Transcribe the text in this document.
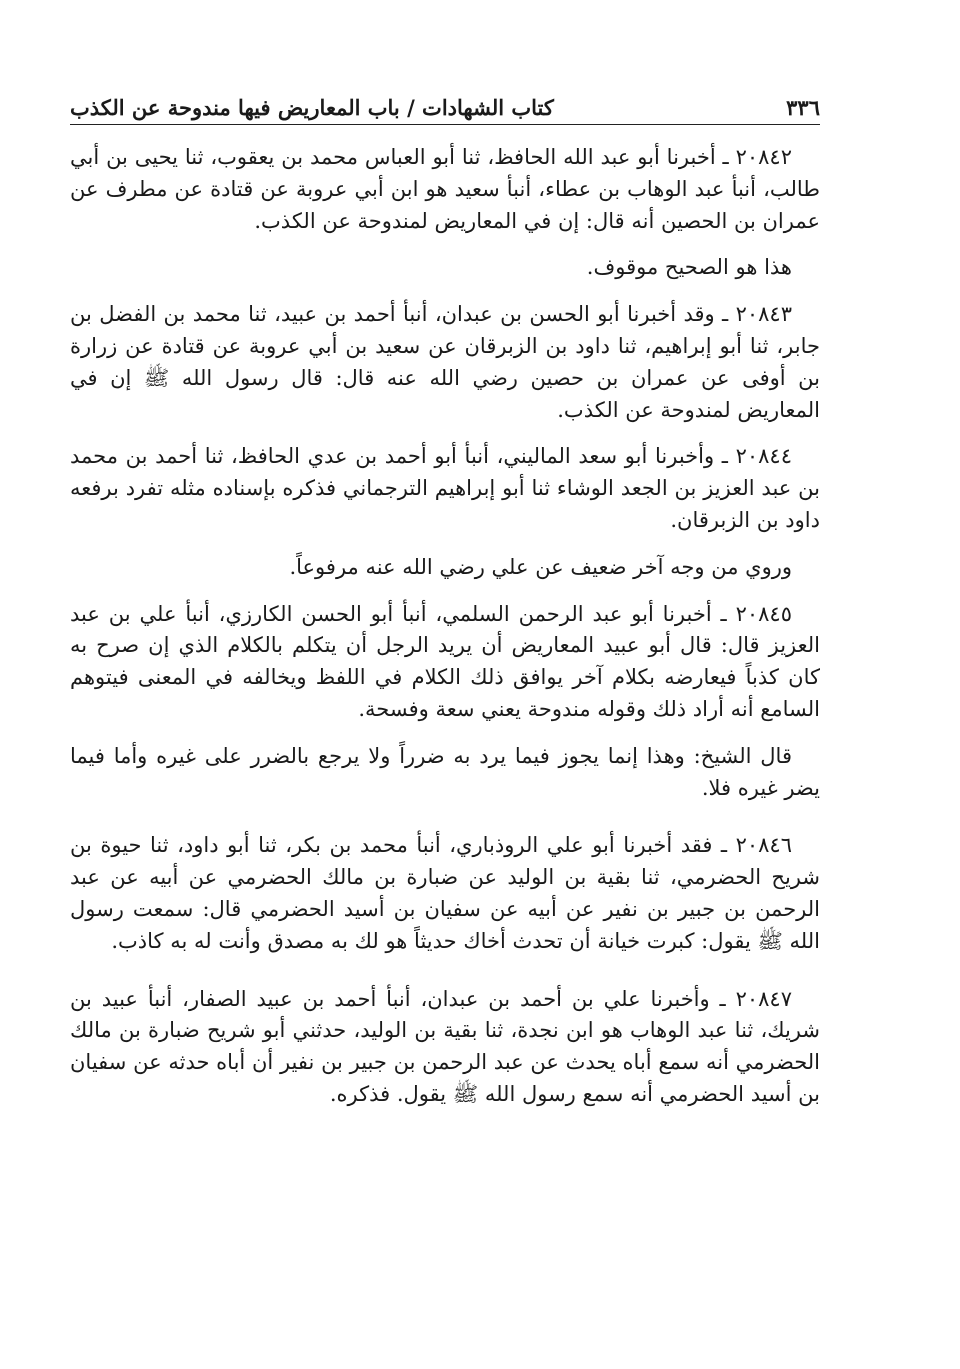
٣٣٦
كتاب الشهادات / باب المعاريض فيها مندوحة عن الكذب

٢٠٨٤٢ ـ أخبرنا أبو عبد الله الحافظ، ثنا أبو العباس محمد بن يعقوب، ثنا يحيى بن أبي طالب، أنبأ عبد الوهاب بن عطاء، أنبأ سعيد هو ابن أبي عروبة عن قتادة عن مطرف عن عمران بن الحصين أنه قال: إن في المعاريض لمندوحة عن الكذب.

هذا هو الصحيح موقوف.

٢٠٨٤٣ ـ وقد أخبرنا أبو الحسن بن عبدان، أنبأ أحمد بن عبيد، ثنا محمد بن الفضل بن جابر، ثنا أبو إبراهيم، ثنا داود بن الزبرقان عن سعيد بن أبي عروبة عن قتادة عن زرارة بن أوفى عن عمران بن حصين رضي الله عنه قال: قال رسول الله ﷺ إن في المعاريض لمندوحة عن الكذب.

٢٠٨٤٤ ـ وأخبرنا أبو سعد الماليني، أنبأ أبو أحمد بن عدي الحافظ، ثنا أحمد بن محمد بن عبد العزيز بن الجعد الوشاء ثنا أبو إبراهيم الترجماني فذكره بإسناده مثله تفرد برفعه داود بن الزبرقان.

وروي من وجه آخر ضعيف عن علي رضي الله عنه مرفوعاً.

٢٠٨٤٥ ـ أخبرنا أبو عبد الرحمن السلمي، أنبأ أبو الحسن الكارزي، أنبأ علي بن عبد العزيز قال: قال أبو عبيد المعاريض أن يريد الرجل أن يتكلم بالكلام الذي إن صرح به كان كذباً فيعارضه بكلام آخر يوافق ذلك الكلام في اللفظ ويخالفه في المعنى فيتوهم السامع أنه أراد ذلك وقوله مندوحة يعني سعة وفسحة.

قال الشيخ: وهذا إنما يجوز فيما يرد به ضرراً ولا يرجع بالضرر على غيره وأما فيما يضر غيره فلا.

٢٠٨٤٦ ـ فقد أخبرنا أبو علي الروذباري، أنبأ محمد بن بكر، ثنا أبو داود، ثنا حيوة بن شريح الحضرمي، ثنا بقية بن الوليد عن ضبارة بن مالك الحضرمي عن أبيه عن عبد الرحمن بن جبير بن نفير عن أبيه عن سفيان بن أسيد الحضرمي قال: سمعت رسول الله ﷺ يقول: كبرت خيانة أن تحدث أخاك حديثاً هو لك به مصدق وأنت له به كاذب.

٢٠٨٤٧ ـ وأخبرنا علي بن أحمد بن عبدان، أنبأ أحمد بن عبيد الصفار، أنبأ عبيد بن شريك، ثنا عبد الوهاب هو ابن نجدة، ثنا بقية بن الوليد، حدثني أبو شريح ضبارة بن مالك الحضرمي أنه سمع أباه يحدث عن عبد الرحمن بن جبير بن نفير أن أباه حدثه عن سفيان بن أسيد الحضرمي أنه سمع رسول الله ﷺ يقول. فذكره.
